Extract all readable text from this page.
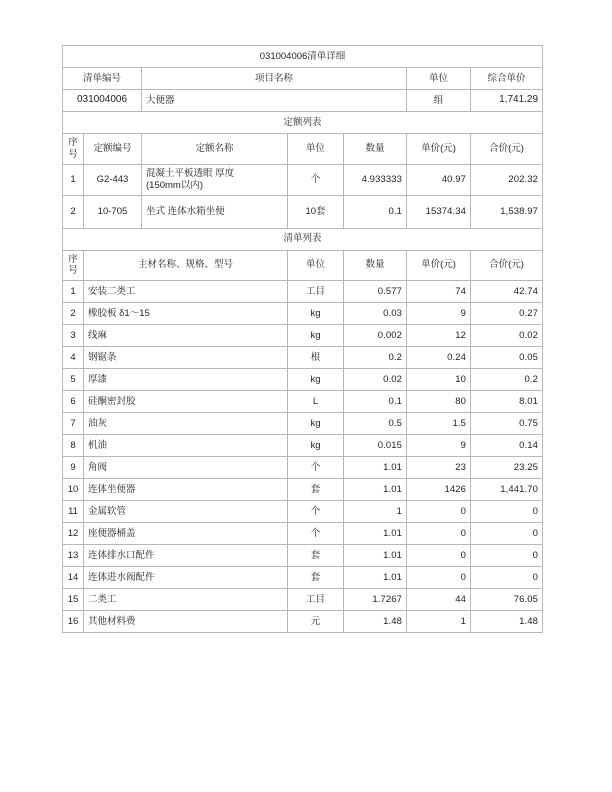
031004006清单详细						
清单编号		项目名称			单位	综合单价
031004006		大便器			组	1,741.29
定额列表						
序号	定额编号	定额名称	单位	数量	单价(元)	合价(元)
1	G2-443	混凝土平板透眼 厚度
(150mm以内)	个	4.933333	40.97	202.32
2	10-705	坐式 连体水箱坐便	10套	0.1	15374.34	1,538.97
清单列表						
序号	主材名称、规格、型号		单位	数量	单价(元)	合价(元)
1	安装二类工		工目	0.577	74	42.74
2	橡胶板 δ1～15		kg	0.03	9	0.27
3	线麻		kg	0.002	12	0.02
4	钢锯条		根	0.2	0.24	0.05
5	厚漆		kg	0.02	10	0.2
6	硅酮密封胶		L	0.1	80	8.01
7	油灰		kg	0.5	1.5	0.75
8	机油		kg	0.015	9	0.14
9	角阀		个	1.01	23	23.25
10	连体坐便器		套	1.01	1426	1,441.70
11	金属软管		个	1	0	0
12	座便器桶盖		个	1.01	0	0
13	连体排水口配件		套	1.01	0	0
14	连体进水阀配件		套	1.01	0	0
15	二类工		工目	1.7267	44	76.05
16	其他材料费		元	1.48	1	1.48
